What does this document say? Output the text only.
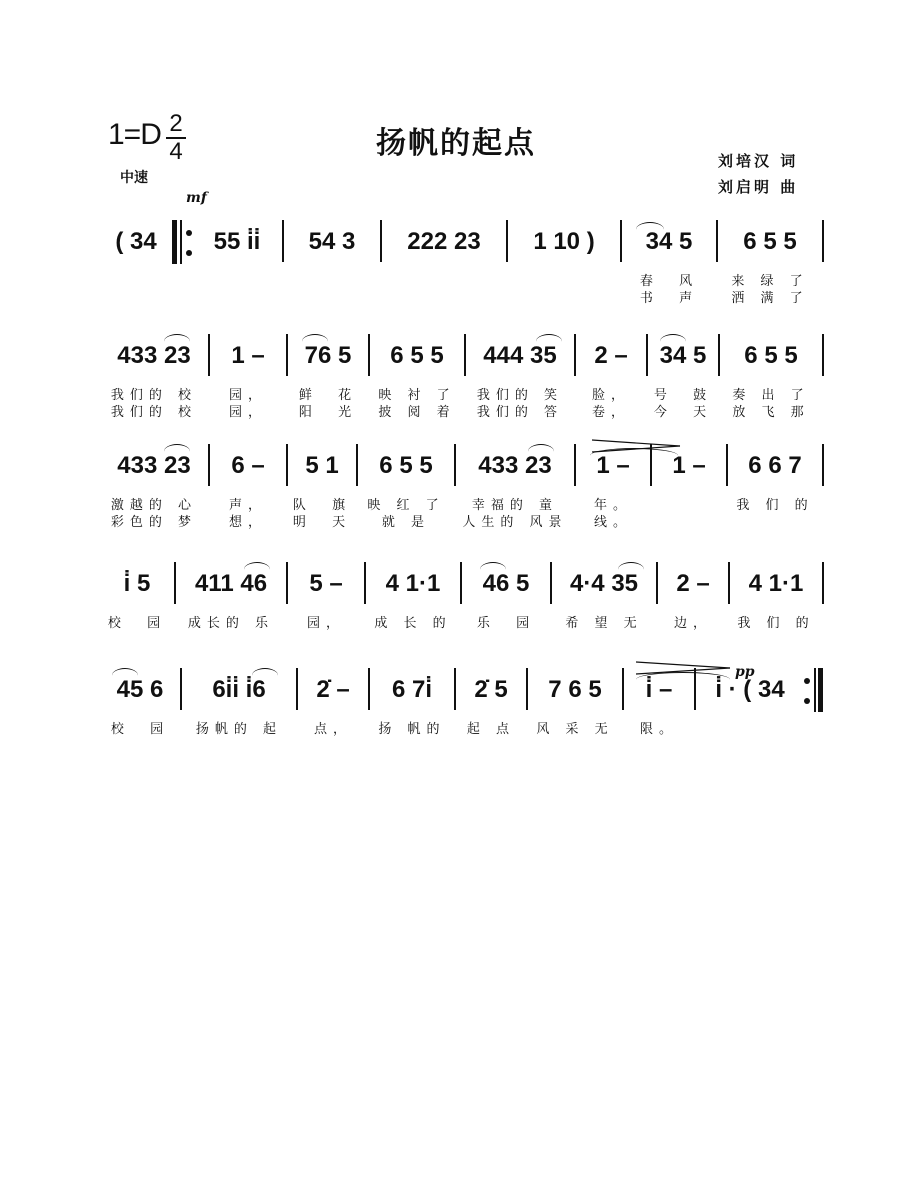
1=D 2
4
中速
扬帆的起点	刘培汉 词
刘启明 曲
mf
( 34	55 i̇i̇	54 3	222 23	1 10 )	34 5
春  风
书  声
6 5 5
来 绿 了
洒 满 了
433 23
我们的 校
我们的 校
1 –
园，
园，
76 5
鲜  花
阳  光
6 5 5
映 衬 了
披 阅 着
444 35
我们的 笑
我们的 答
2 –
脸，
卷，
34 5
号  鼓
今  天
6 5 5
奏 出 了
放 飞 那
433 23
激越的 心
彩色的 梦
6 –
声，
想，
5 1
队  旗
明  天
6 5 5
映 红 了
就 是
433 23
幸福的 童
人生的 风景
1 –
年。
线。
1 –	6 6 7
我 们 的
i̇ 5
校  园
411 46
成长的 乐
5 –
园，
4 1·1
成 长 的
46 5
乐  园
4·4 35
希 望 无
2 –
边，
4 1·1
我 们 的
pp
45 6
校  园
6i̇i̇ i̇6
扬帆的 起
2̇ –
点，
6 7i̇
扬 帆的
2̇ 5
起 点
7 6 5
风 采 无
i̇ –
限。
i̇ · ( 34
